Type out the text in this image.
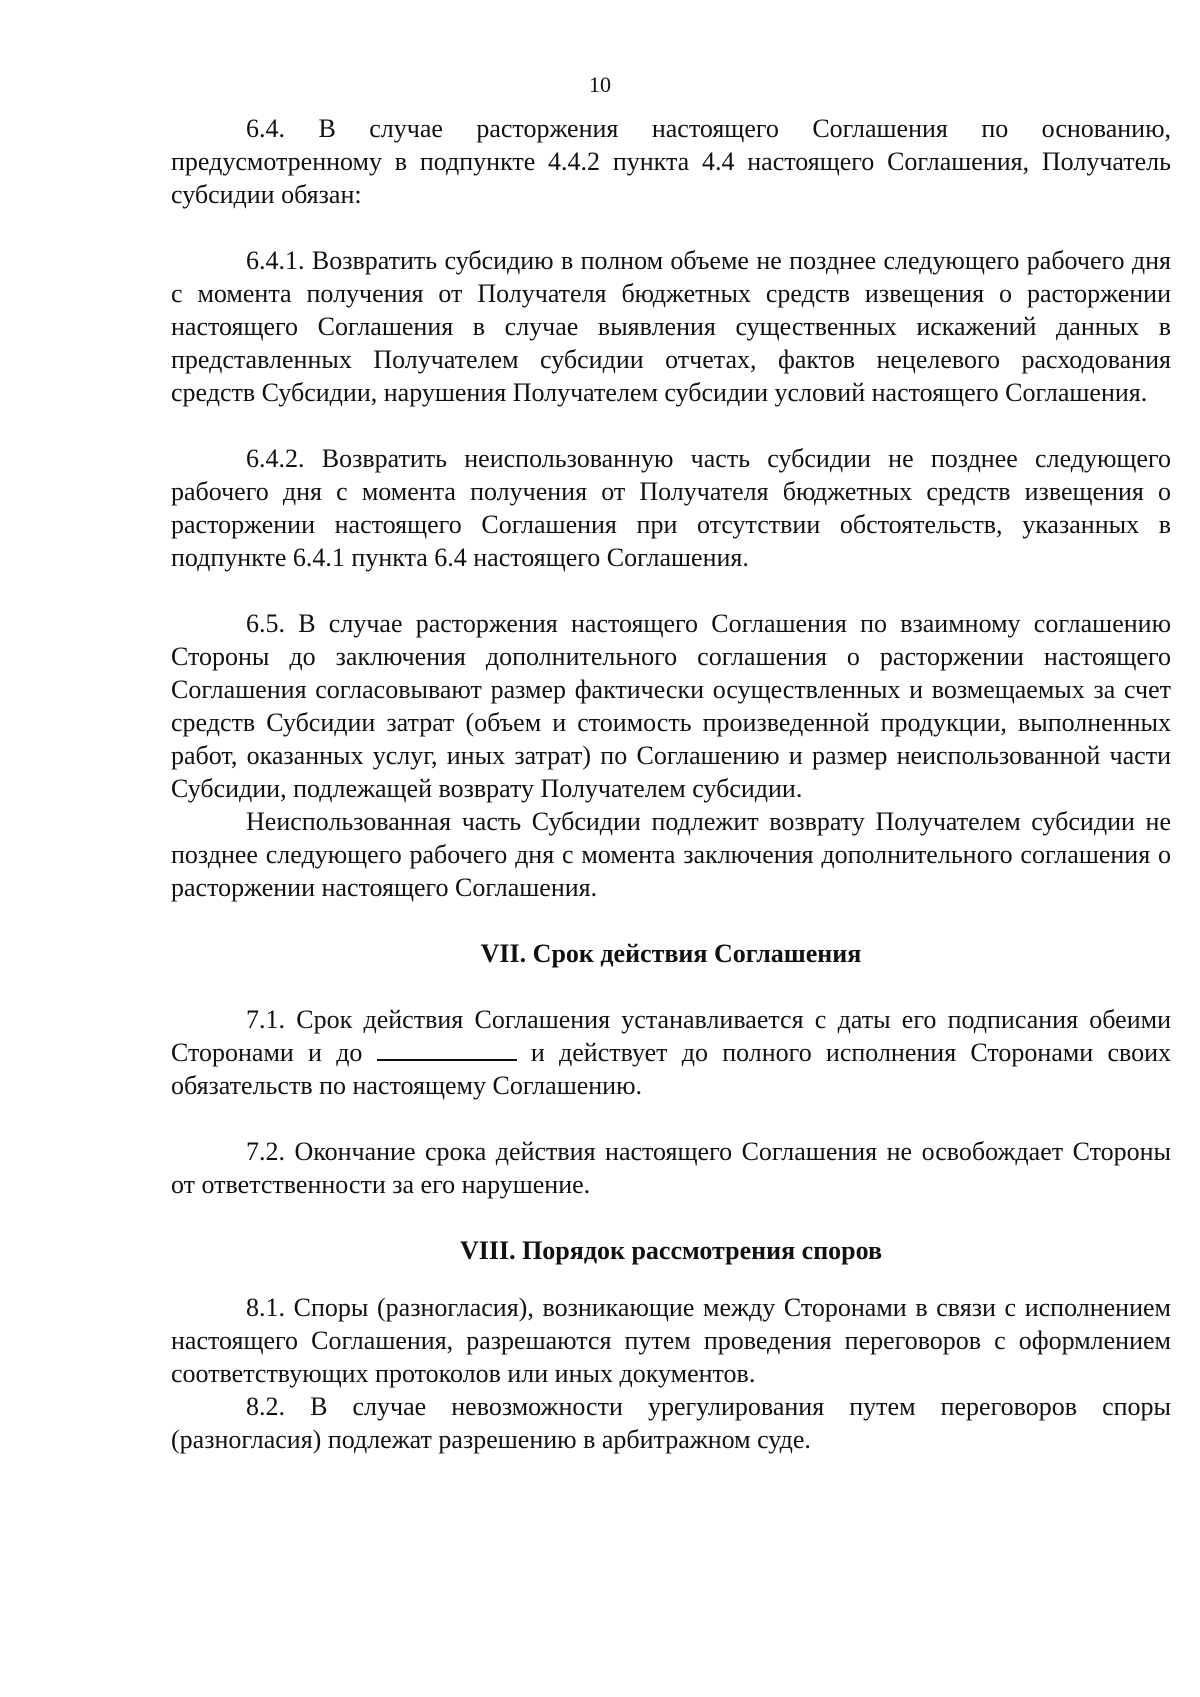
10

6.4. В случае расторжения настоящего Соглашения по основанию, предусмотренному в подпункте 4.4.2 пункта 4.4 настоящего Соглашения, Получатель субсидии обязан:

6.4.1. Возвратить субсидию в полном объеме не позднее следующего рабочего дня с момента получения от Получателя бюджетных средств извещения о расторжении настоящего Соглашения в случае выявления существенных искажений данных в представленных Получателем субсидии отчетах, фактов нецелевого расходования средств Субсидии, нарушения Получателем субсидии условий настоящего Соглашения.

6.4.2. Возвратить неиспользованную часть субсидии не позднее следующего рабочего дня с момента получения от Получателя бюджетных средств извещения о расторжении настоящего Соглашения при отсутствии обстоятельств, указанных в подпункте 6.4.1 пункта 6.4 настоящего Соглашения.

6.5. В случае расторжения настоящего Соглашения по взаимному соглашению Стороны до заключения дополнительного соглашения о расторжении настоящего Соглашения согласовывают размер фактически осуществленных и возмещаемых за счет средств Субсидии затрат (объем и стоимость произведенной продукции, выполненных работ, оказанных услуг, иных затрат) по Соглашению и размер неиспользованной части Субсидии, подлежащей возврату Получателем субсидии.

Неиспользованная часть Субсидии подлежит возврату Получателем субсидии не позднее следующего рабочего дня с момента заключения дополнительного соглашения о расторжении настоящего Соглашения.

VII. Срок действия Соглашения

7.1. Срок действия Соглашения устанавливается с даты его подписания обеими Сторонами и до	и действует до полного исполнения Сторонами своих обязательств по настоящему Соглашению.

7.2. Окончание срока действия настоящего Соглашения не освобождает Стороны от ответственности за его нарушение.

VIII. Порядок рассмотрения споров

8.1. Споры (разногласия), возникающие между Сторонами в связи с исполнением настоящего Соглашения, разрешаются путем проведения переговоров с оформлением соответствующих протоколов или иных документов.

8.2. В случае невозможности урегулирования путем переговоров споры (разногласия) подлежат разрешению в арбитражном суде.
